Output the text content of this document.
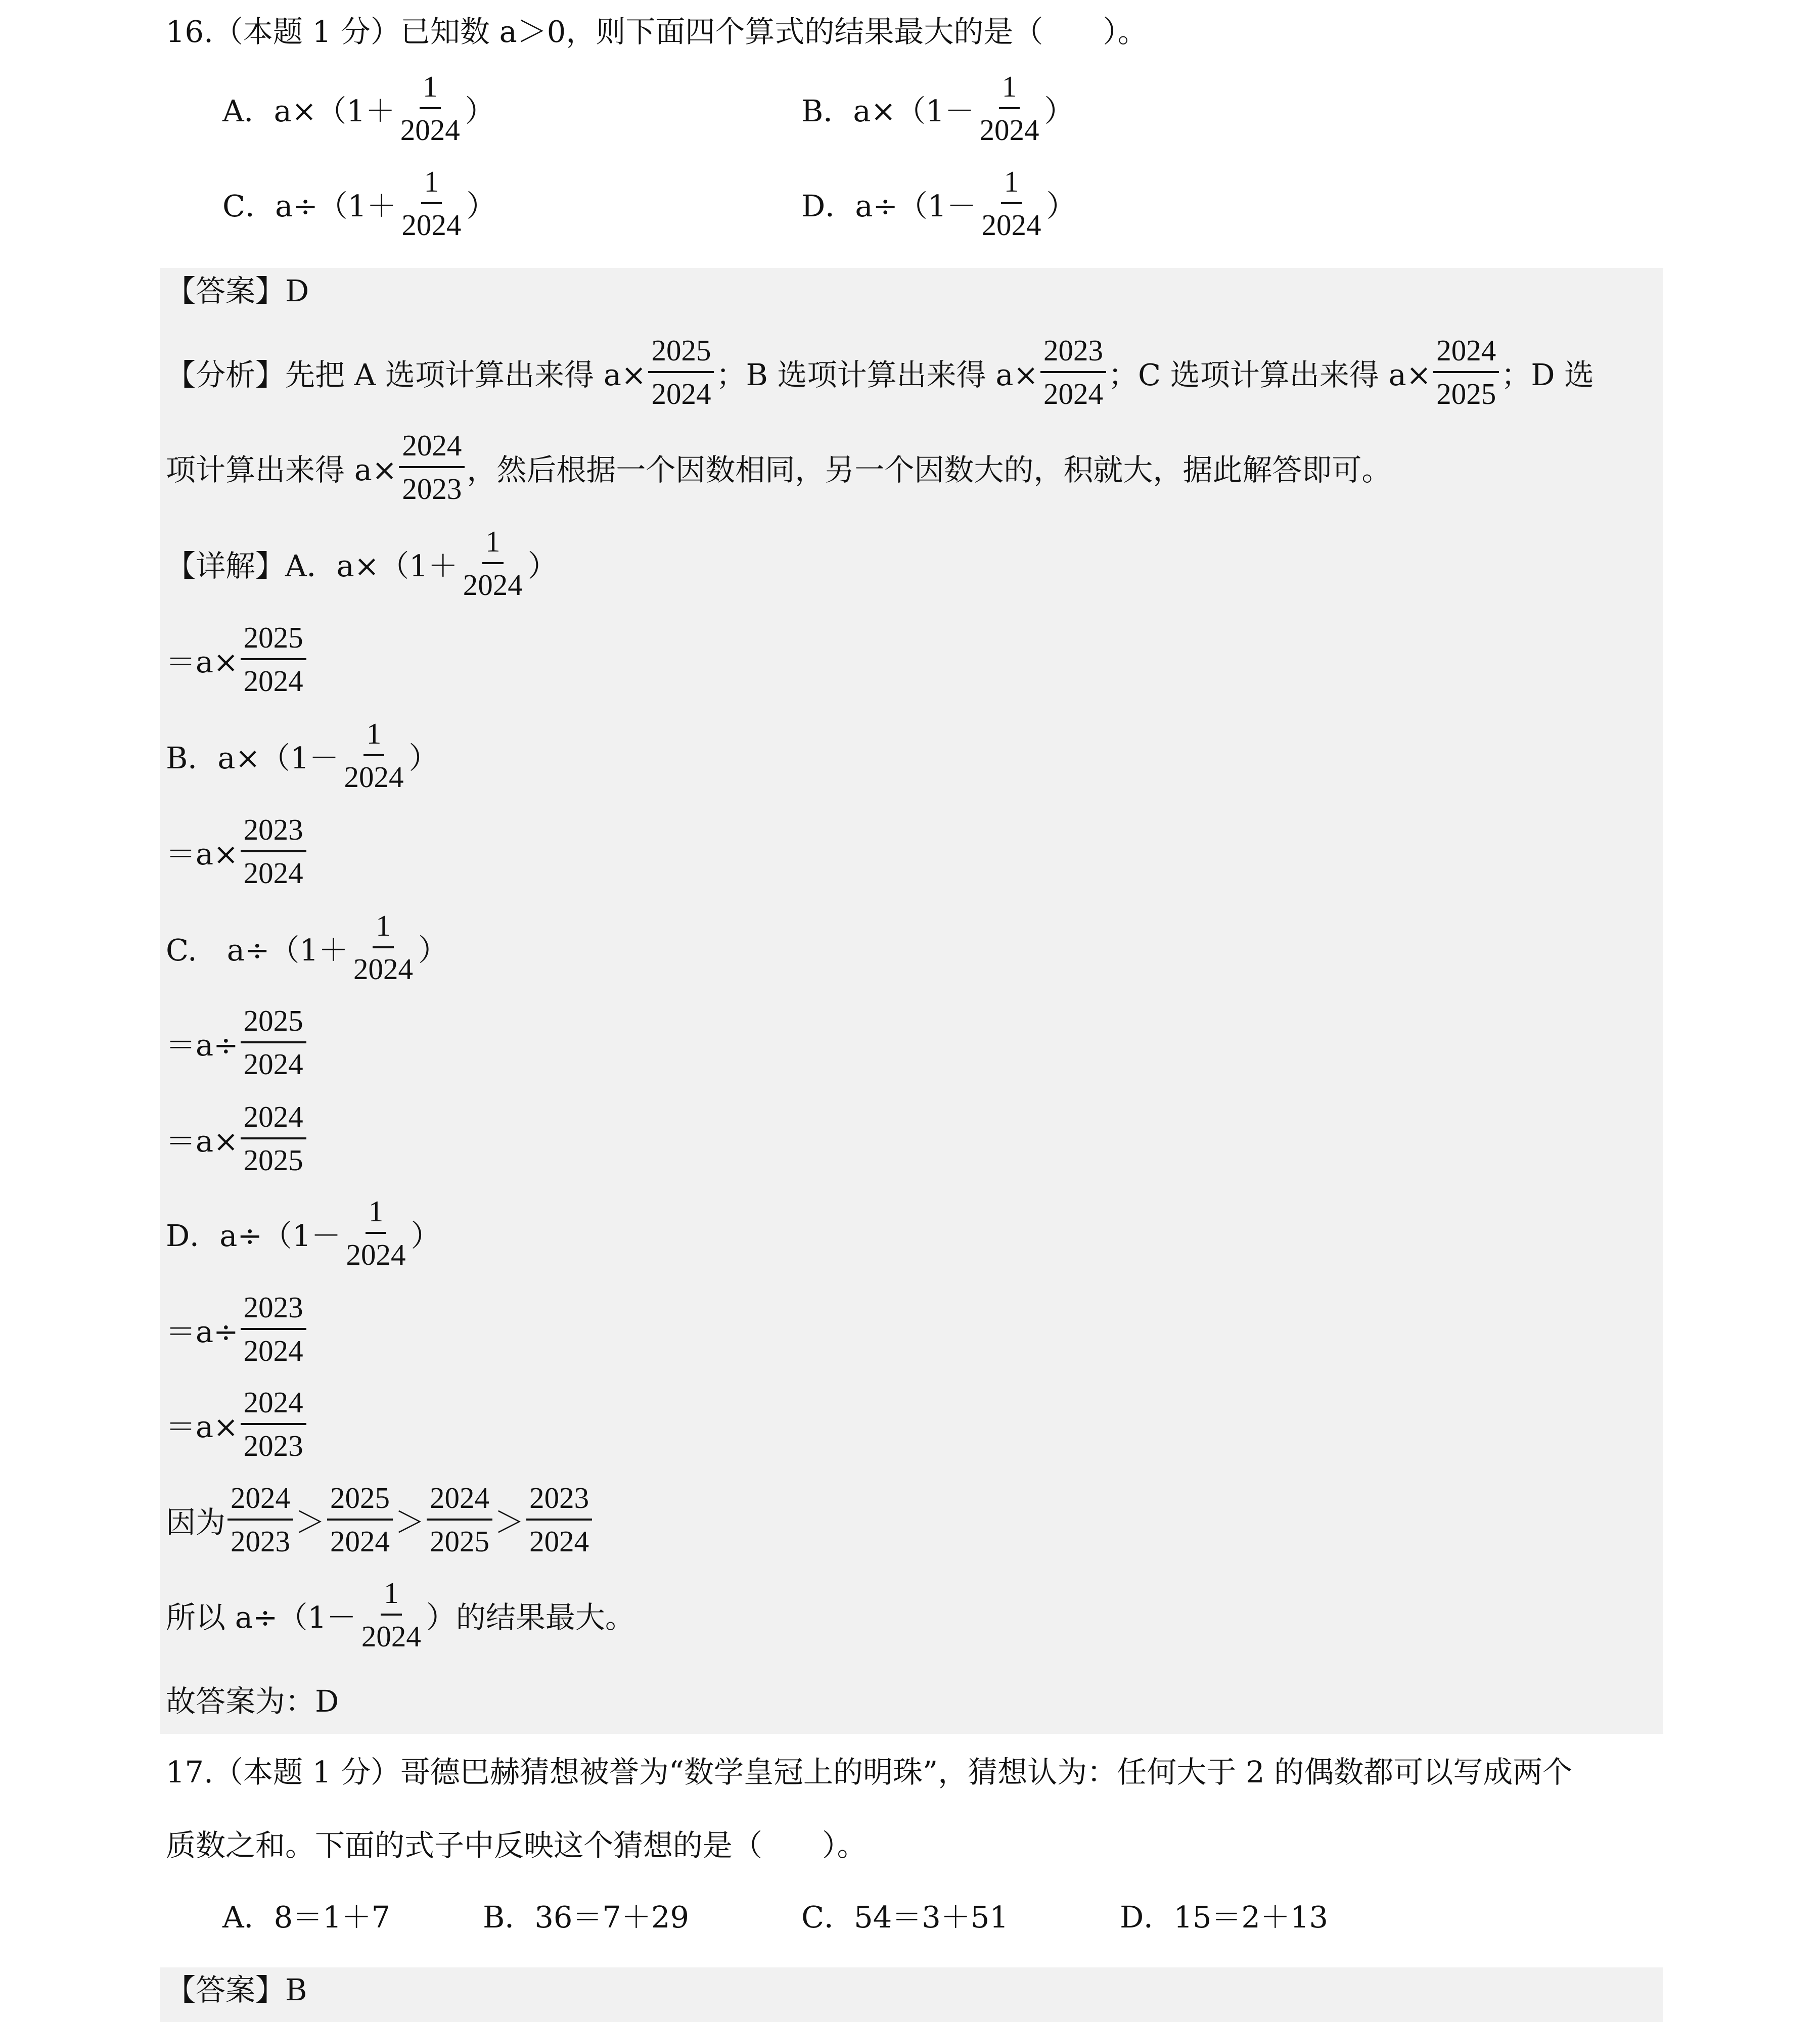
16.（本题 1 分）已知数 a＞0，则下面四个算式的结果最大的是（　　）。
A． $a\times(1+ \frac{1}{2024}$ ）	B． $a\times(1- \frac{1}{2024}$ ）
C． $a\div(1+ \frac{1}{2024}$ ）	D． $a\div(1- \frac{1}{2024}$ ）
【答案】D
【分析】先把 A 选项计算出来得 $a\times \frac{2025}{2024}$ ；B 选项计算出来得 $a\times \frac{2023}{2024}$ ；C 选项计算出来得 $a\times \frac{2024}{2025}$ ；D 选
项计算出来得 $a\times \frac{2024}{2023}$ ，然后根据一个因数相同，另一个因数大的，积就大，据此解答即可。
【详解】A．$a\times(1+ \frac{1}{2024}$ ）
$=a\times \frac{2025}{2024}$
B．$a\times(1- \frac{1}{2024}$ ）
$=a\times \frac{2023}{2024}$
C.　$a\div(1+ \frac{1}{2024}$ ）
$=a\div \frac{2025}{2024}$
$=a\times \frac{2024}{2025}$
D．$a\div(1- \frac{1}{2024}$ ）
$=a\div \frac{2023}{2024}$
$=a\times \frac{2024}{2023}$
因为 $\frac{2024}{2023} > \frac{2025}{2024} > \frac{2024}{2025} > \frac{2023}{2024}$
所以 $a\div(1- \frac{1}{2024}$ ）的结果最大。
故答案为：D
17.（本题 1 分）哥德巴赫猜想被誉为“数学皇冠上的明珠”，猜想认为：任何大于 2 的偶数都可以写成两个
质数之和。下面的式子中反映这个猜想的是（　　）。
A． 8＝1＋7	B． 36＝7＋29	C． 54＝3＋51	D． 15＝2＋13
【答案】B
